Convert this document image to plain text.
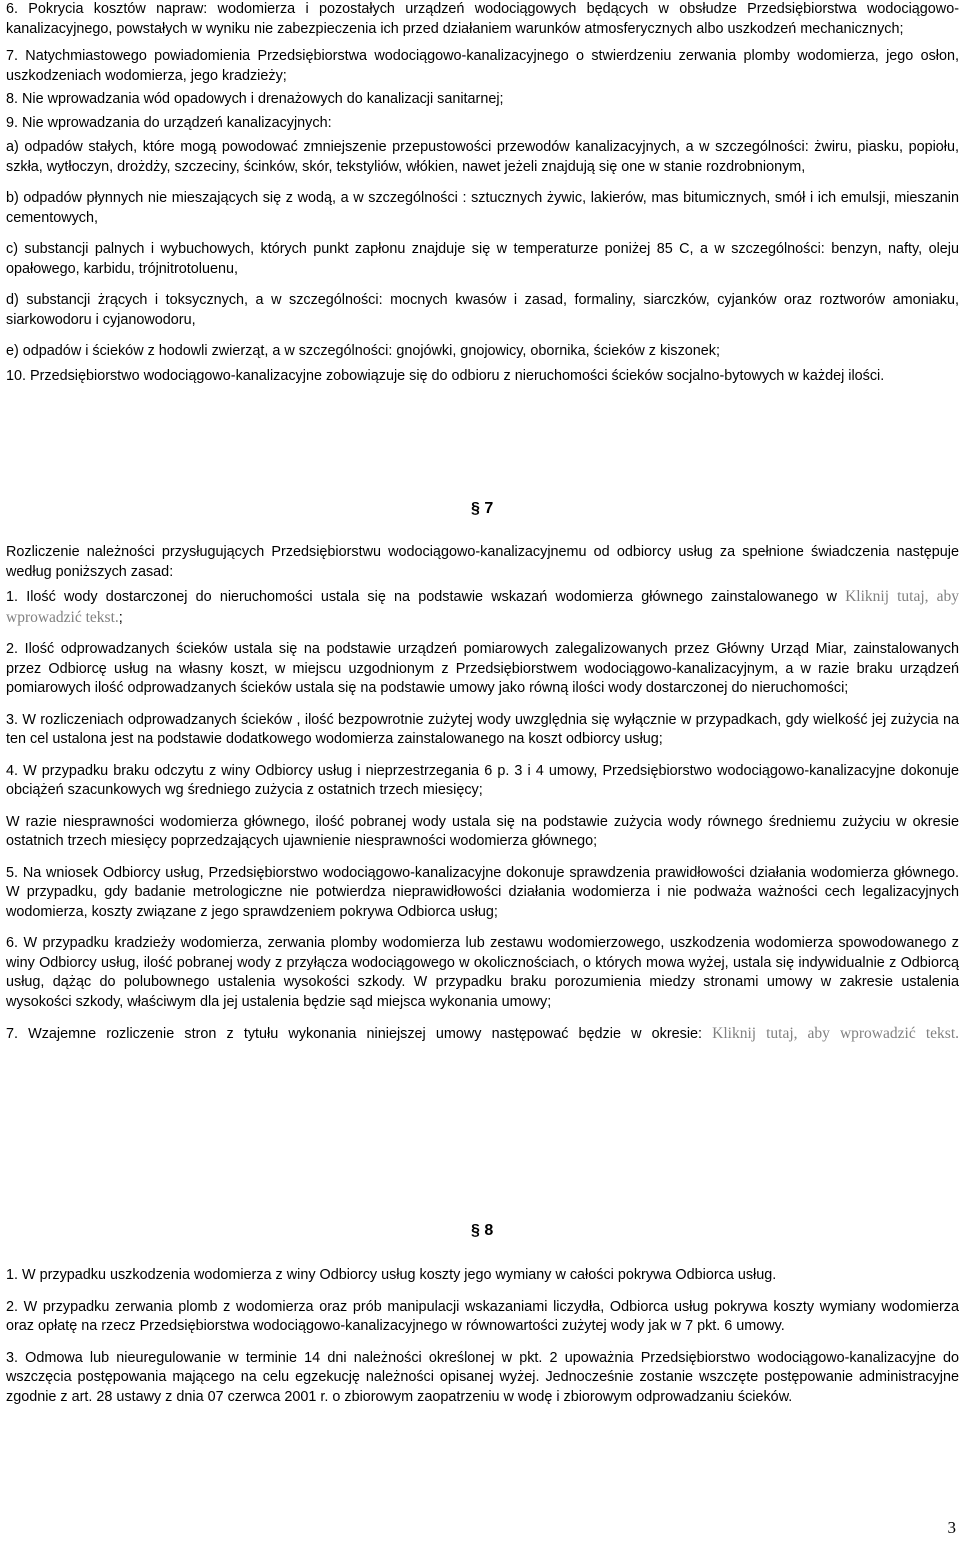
6. Pokrycia kosztów napraw: wodomierza i pozostałych urządzeń wodociągowych będących w obsłudze Przedsiębiorstwa wodociągowo-kanalizacyjnego, powstałych w wyniku nie zabezpieczenia ich przed działaniem warunków atmosferycznych albo uszkodzeń mechanicznych;

7. Natychmiastowego powiadomienia Przedsiębiorstwa wodociągowo-kanalizacyjnego o stwierdzeniu zerwania plomby wodomierza, jego osłon, uszkodzeniach wodomierza, jego kradzieży;

8. Nie wprowadzania wód opadowych i drenażowych do kanalizacji sanitarnej;

9. Nie wprowadzania do urządzeń kanalizacyjnych:

a) odpadów stałych, które mogą powodować zmniejszenie przepustowości przewodów kanalizacyjnych, a w szczególności: żwiru, piasku, popiołu, szkła, wytłoczyn, drożdży, szczeciny, ścinków, skór, tekstyliów, włókien, nawet jeżeli znajdują się one w stanie rozdrobnionym,

b) odpadów płynnych nie mieszających się z wodą, a w szczególności : sztucznych żywic, lakierów, mas bitumicznych, smół i ich emulsji, mieszanin cementowych,

c) substancji palnych i wybuchowych, których punkt zapłonu znajduje się w temperaturze poniżej 85 C, a w szczególności: benzyn, nafty, oleju opałowego, karbidu, trójnitrotoluenu,

d) substancji żrących i toksycznych, a w szczególności: mocnych kwasów i zasad, formaliny, siarczków, cyjanków oraz roztworów amoniaku, siarkowodoru i cyjanowodoru,

e) odpadów i ścieków z hodowli zwierząt, a w szczególności: gnojówki, gnojowicy, obornika, ścieków z kiszonek;

10. Przedsiębiorstwo wodociągowo-kanalizacyjne zobowiązuje się do odbioru z nieruchomości ścieków socjalno-bytowych w każdej ilości.

§ 7

Rozliczenie należności przysługujących Przedsiębiorstwu wodociągowo-kanalizacyjnemu od odbiorcy usług za spełnione świadczenia następuje według poniższych zasad:

1. Ilość wody dostarczonej do nieruchomości ustala się na podstawie wskazań wodomierza głównego zainstalowanego w Kliknij tutaj, aby wprowadzić tekst.;

2. Ilość odprowadzanych ścieków ustala się na podstawie urządzeń pomiarowych zalegalizowanych przez Główny Urząd Miar, zainstalowanych przez Odbiorcę usług na własny koszt, w miejscu uzgodnionym z Przedsiębiorstwem wodociągowo-kanalizacyjnym, a w razie braku urządzeń pomiarowych ilość odprowadzanych ścieków ustala się na podstawie umowy jako równą ilości wody dostarczonej do nieruchomości;

3. W rozliczeniach odprowadzanych ścieków , ilość bezpowrotnie zużytej wody uwzględnia się wyłącznie w przypadkach, gdy wielkość jej zużycia na ten cel ustalona jest na podstawie dodatkowego wodomierza zainstalowanego na koszt odbiorcy usług;

4. W przypadku braku odczytu z winy Odbiorcy usług i nieprzestrzegania 6 p. 3 i 4 umowy, Przedsiębiorstwo wodociągowo-kanalizacyjne dokonuje obciążeń szacunkowych wg średniego zużycia z ostatnich trzech miesięcy;

W razie niesprawności wodomierza głównego, ilość pobranej wody ustala się na podstawie zużycia wody równego średniemu zużyciu w okresie ostatnich trzech miesięcy poprzedzających ujawnienie niesprawności wodomierza głównego;

5. Na wniosek Odbiorcy usług, Przedsiębiorstwo wodociągowo-kanalizacyjne dokonuje sprawdzenia prawidłowości działania wodomierza głównego. W przypadku, gdy badanie metrologiczne nie potwierdza nieprawidłowości działania wodomierza i nie podważa ważności cech legalizacyjnych wodomierza, koszty związane z jego sprawdzeniem pokrywa Odbiorca usług;

6. W przypadku kradzieży wodomierza, zerwania plomby wodomierza lub zestawu wodomierzowego, uszkodzenia wodomierza spowodowanego z winy Odbiorcy usług, ilość pobranej wody z przyłącza wodociągowego w okolicznościach, o których mowa wyżej, ustala się indywidualnie z Odbiorcą usług, dążąc do polubownego ustalenia wysokości szkody. W przypadku braku porozumienia miedzy stronami umowy w zakresie ustalenia wysokości szkody, właściwym dla jej ustalenia będzie sąd miejsca wykonania umowy;

7. Wzajemne rozliczenie stron z tytułu wykonania niniejszej umowy następować będzie w okresie: Kliknij tutaj, aby wprowadzić tekst.

§ 8

1. W przypadku uszkodzenia wodomierza z winy Odbiorcy usług koszty jego wymiany w całości pokrywa Odbiorca usług.

2. W przypadku zerwania plomb z wodomierza oraz prób manipulacji wskazaniami liczydła, Odbiorca usług pokrywa koszty wymiany wodomierza oraz opłatę na rzecz Przedsiębiorstwa wodociągowo-kanalizacyjnego w równowartości zużytej wody jak w 7 pkt. 6 umowy.

3. Odmowa lub nieuregulowanie w terminie 14 dni należności określonej w pkt. 2 upoważnia Przedsiębiorstwo wodociągowo-kanalizacyjne do wszczęcia postępowania mającego na celu egzekucję należności opisanej wyżej. Jednocześnie zostanie wszczęte postępowanie administracyjne zgodnie z art. 28 ustawy z dnia 07 czerwca 2001 r. o zbiorowym zaopatrzeniu w wodę i zbiorowym odprowadzaniu ścieków.

3
